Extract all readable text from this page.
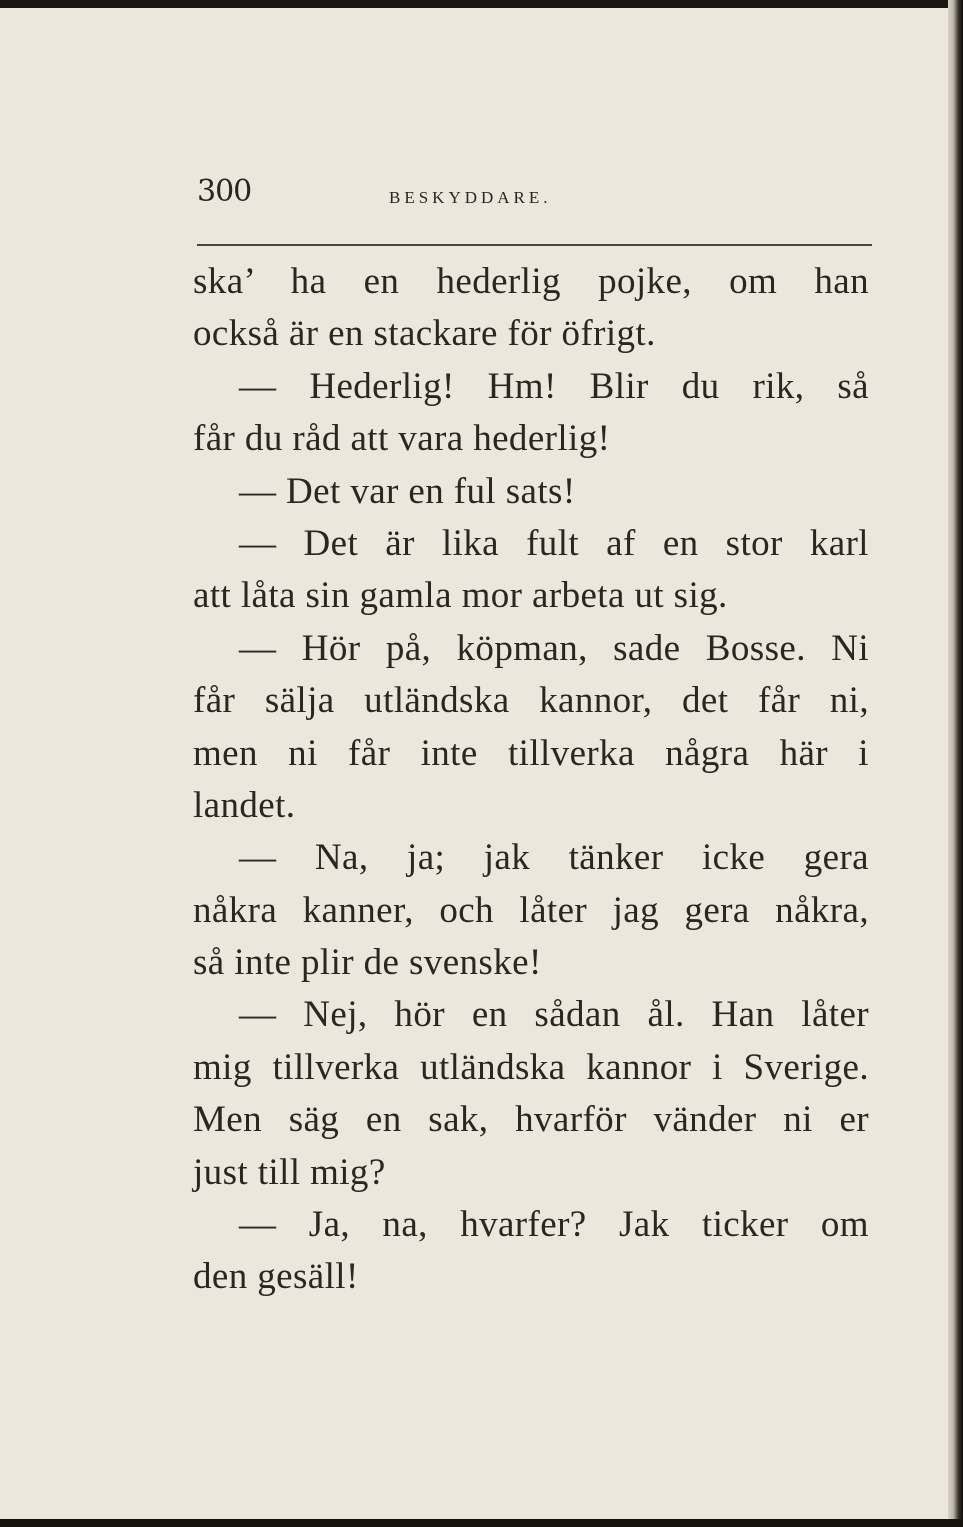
300	BESKYDDARE.
ska’ ha en hederlig pojke, om han
också är en stackare för öfrigt.
— Hederlig! Hm! Blir du rik, så
får du råd att vara hederlig!
— Det var en ful sats!
— Det är lika fult af en stor karl
att låta sin gamla mor arbeta ut sig.
— Hör på, köpman, sade Bosse. Ni
får sälja utländska kannor, det får ni,
men ni får inte tillverka några här i
landet.
— Na, ja; jak tänker icke gera
nåkra kanner, och låter jag gera nåkra,
så inte plir de svenske!
— Nej, hör en sådan ål. Han låter
mig tillverka utländska kannor i Sverige.
Men säg en sak, hvarför vänder ni er
just till mig?
— Ja, na, hvarfer? Jak ticker om
den gesäll!
